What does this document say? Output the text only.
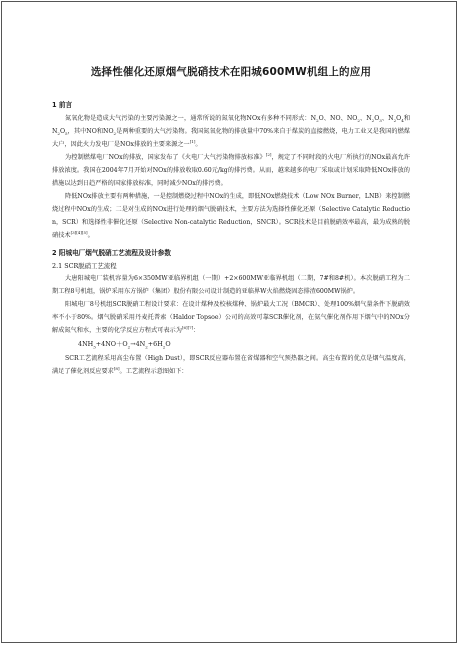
选择性催化还原烟气脱硝技术在阳城600MW机组上的应用
1 前言

氮氧化物是造成大气污染的主要污染源之一，通常所说的氮氧化物NOx有多种不同形式：$N_2O$、NO、$NO_2$、$N_2O_3$、$N_2O_4$和$N_2O_5$，其中NO和$NO_2$是两种重要的大气污染物。我国氮氧化物的排放量中70%来自于煤炭的直接燃烧，电力工业又是我国的燃煤大户，因此火力发电厂是NOx排放的主要来源之一[1]。

为控制燃煤电厂NOx的排放，国家发布了《火电厂大气污染物排放标准》[2]，规定了不同时段的火电厂所执行的NOx最高允许排放浓度。我国在2004年7月开始对NOx的排放收取0.60元/kg的排污费。从而，越来越多的电厂采取或计划采取降低NOx排放的措施以达到日趋严格的国家排放标准，同时减少NOx的排污费。

降低NOx排放主要有两种措施，一是控制燃烧过程中NOx的生成，即低NOx燃烧技术（Low NOx Burner，LNB）来控制燃烧过程中NOx的生成；二是对生成的NOx进行处理的烟气脱硝技术，主要方法为选择性催化还原（Selective Catalytic Reduction，SCR）和选择性非催化还原（Selective Non-catalytic Reduction，SNCR）。SCR技术是目前脱硝效率最高，最为成熟的脱硝技术[3][4][5]。

2 阳城电厂烟气脱硝工艺流程及设计参数
2.1 SCR脱硝工艺流程

大唐阳城电厂装机容量为6×350MW亚临界机组（一期）+2×600MW亚临界机组（二期，7#和8#机）。本次脱硝工程为二期工程8号机组，锅炉采用东方锅炉（集团）股份有限公司设计制造的亚临界W火焰燃烧固态排渣600MW锅炉。

阳城电厂8号机组SCR脱硝工程设计要求：在设计煤种及校核煤种、锅炉最大工况（BMCR）、处理100%烟气量条件下脱硝效率不小于80%。烟气脱硝采用丹麦托普索（Haldor Topsoe）公司的高效可靠SCR催化剂，在氨气催化剂作用下烟气中的NOx分解成氮气和水，主要的化学反应方程式可表示为[6][7]：

$4NH_3+4NO+O_2\to 4N_2+6H_2O$

SCR工艺流程采用高尘布置（High Dust），即SCR反应器布置在省煤器和空气预热器之间。高尘布置的优点是烟气温度高，满足了催化剂反应要求[8]。工艺流程示意图如下：
